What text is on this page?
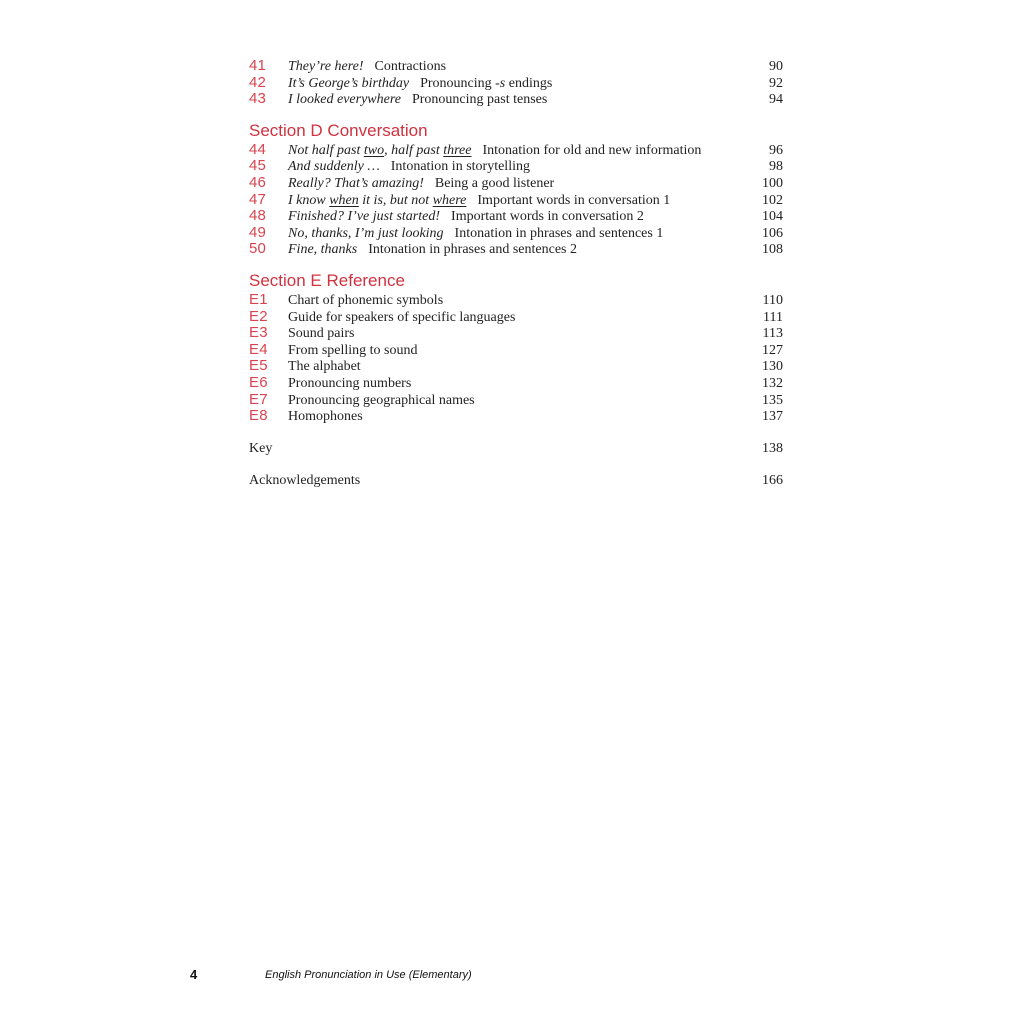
41	They’re here! Contractions	90
42	It’s George’s birthday Pronouncing -s endings	92
43	I looked everywhere Pronouncing past tenses	94
Section D Conversation
44	Not half past two, half past three Intonation for old and new information	96
45	And suddenly … Intonation in storytelling	98
46	Really? That’s amazing! Being a good listener	100
47	I know when it is, but not where Important words in conversation 1	102
48	Finished? I’ve just started! Important words in conversation 2	104
49	No, thanks, I’m just looking Intonation in phrases and sentences 1	106
50	Fine, thanks Intonation in phrases and sentences 2	108
Section E Reference
E1	Chart of phonemic symbols	110
E2	Guide for speakers of specific languages	111
E3	Sound pairs	113
E4	From spelling to sound	127
E5	The alphabet	130
E6	Pronouncing numbers	132
E7	Pronouncing geographical names	135
E8	Homophones	137
Key	138
Acknowledgements	166
4	English Pronunciation in Use (Elementary)
